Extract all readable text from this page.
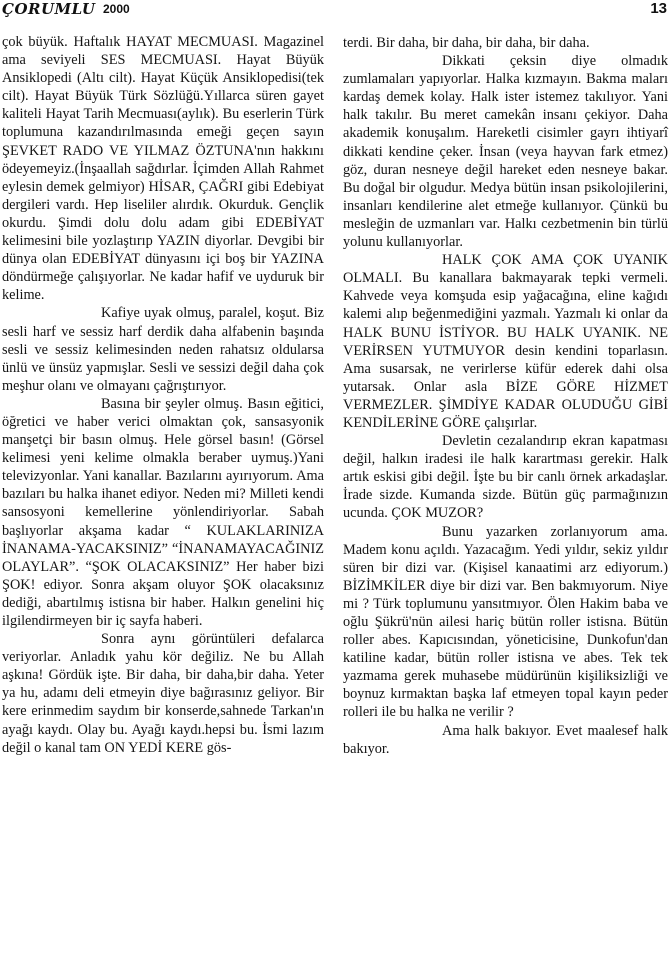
ÇORUMLU 2000	13

çok büyük. Haftalık HAYAT MECMUASI. Magazinel ama seviyeli SES MECMUASI. Hayat Büyük Ansiklopedi (Altı cilt). Hayat Küçük Ansiklopedisi(tek cilt). Hayat Büyük Türk Sözlüğü.Yıllarca süren gayet kaliteli Hayat Tarih Mecmuası(aylık). Bu eserlerin Türk toplumuna kazandırılmasında emeği geçen sayın ŞEVKET RADO VE YILMAZ ÖZTUNA'nın hakkını ödeyemeyiz.(İnşaallah sağdırlar. İçimden Allah Rahmet eylesin demek gelmiyor) HİSAR, ÇAĞRI gibi Edebiyat dergileri vardı. Hep liseliler alırdık. Okurduk. Gençlik okurdu. Şimdi dolu dolu adam gibi EDEBİYAT kelimesini bile yozlaştırıp YAZIN diyorlar. Devgibi bir dünya olan EDEBİYAT dünyasını içi boş bir YAZINA döndürmeğe çalışıyorlar. Ne kadar hafif ve uyduruk bir kelime.

Kafiye uyak olmuş, paralel, koşut. Biz sesli harf ve sessiz harf derdik daha alfabenin başında sesli ve sessiz kelimesinden neden rahatsız oldularsa ünlü ve ünsüz yapmışlar. Sesli ve sessizi değil daha çok meşhur olanı ve olmayanı çağrıştırıyor.

Basına bir şeyler olmuş. Basın eğitici, öğretici ve haber verici olmaktan çok, sansasyonik manşetçi bir basın olmuş. Hele görsel basın! (Görsel kelimesi yeni kelime olmakla beraber uymuş.)Yani televizyonlar. Yani kanallar. Bazılarını ayırıyorum. Ama bazıları bu halka ihanet ediyor. Neden mi? Milleti kendi sansosyoni kemellerine yönlendiriyorlar. Sabah başlıyorlar akşama kadar “ KULAKLARINIZA İNANAMA-YACAKSINIZ” “İNANAMAYACAĞINIZ OLAYLAR”. “ŞOK OLACAKSINIZ” Her haber bizi ŞOK! ediyor. Sonra akşam oluyor ŞOK olacaksınız dediği, abartılmış istisna bir haber. Halkın genelini hiç ilgilendirmeyen bir iç sayfa haberi.

Sonra aynı görüntüleri defalarca veriyorlar. Anladık yahu kör değiliz. Ne bu Allah aşkına! Gördük işte. Bir daha, bir daha,bir daha. Yeter ya hu, adamı deli etmeyin diye bağırasınız geliyor. Bir kere erinmedim saydım bir konserde,sahnede Tarkan'ın ayağı kaydı. Olay bu. Ayağı kaydı.hepsi bu. İsmi lazım değil o kanal tam ON YEDİ KERE gös-

terdi. Bir daha, bir daha, bir daha, bir daha.

Dikkati çeksin diye olmadık zumlamaları yapıyorlar. Halka kızmayın. Bakma maları kardaş demek kolay. Halk ister istemez takılıyor. Yani halk takılır. Bu meret camekân insanı çekiyor. Daha akademik konuşalım. Hareketli cisimler gayrı ihtiyarî dikkati kendine çeker. İnsan (veya hayvan fark etmez) göz, duran nesneye değil hareket eden nesneye bakar. Bu doğal bir olgudur. Medya bütün insan psikolojilerini, insanları kendilerine alet etmeğe kullanıyor. Çünkü bu mesleğin de uzmanları var. Halkı cezbetmenin bin türlü yolunu kullanıyorlar.

HALK ÇOK AMA ÇOK UYANIK OLMALI. Bu kanallara bakmayarak tepki vermeli. Kahvede veya komşuda esip yağacağına, eline kağıdı kalemi alıp beğenmediğini yazmalı. Yazmalı ki onlar da HALK BUNU İSTİYOR. BU HALK UYANIK. NE VERİRSEN YUTMUYOR desin kendini toparlasın. Ama susarsak, ne verirlerse küfür ederek dahi olsa yutarsak. Onlar asla BİZE GÖRE HİZMET VERMEZLER. ŞİMDİYE KADAR OLUDUĞU GİBİ KENDİLERİNE GÖRE çalışırlar.

Devletin cezalandırıp ekran kapatması değil, halkın iradesi ile halk karartması gerekir. Halk artık eskisi gibi değil. İşte bu bir canlı örnek arkadaşlar. İrade sizde. Kumanda sizde. Bütün güç parmağınızın ucunda. ÇOK MUZOR?

Bunu yazarken zorlanıyorum ama. Madem konu açıldı. Yazacağım. Yedi yıldır, sekiz yıldır süren bir dizi var. (Kişisel kanaatimi arz ediyorum.) BİZİMKİLER diye bir dizi var. Ben bakmıyorum. Niye mi ? Türk toplumunu yansıtmıyor. Ölen Hakim baba ve oğlu Şükrü'nün ailesi hariç bütün roller istisna. Bütün roller abes. Kapıcısından, yöneticisine, Dunkofun'dan katiline kadar, bütün roller istisna ve abes. Tek tek yazmama gerek muhasebe müdürünün kişiliksizliği ve boynuz kırmaktan başka laf etmeyen topal kayın peder rolleri ile bu halka ne verilir ?

Ama halk bakıyor. Evet maalesef halk bakıyor.
